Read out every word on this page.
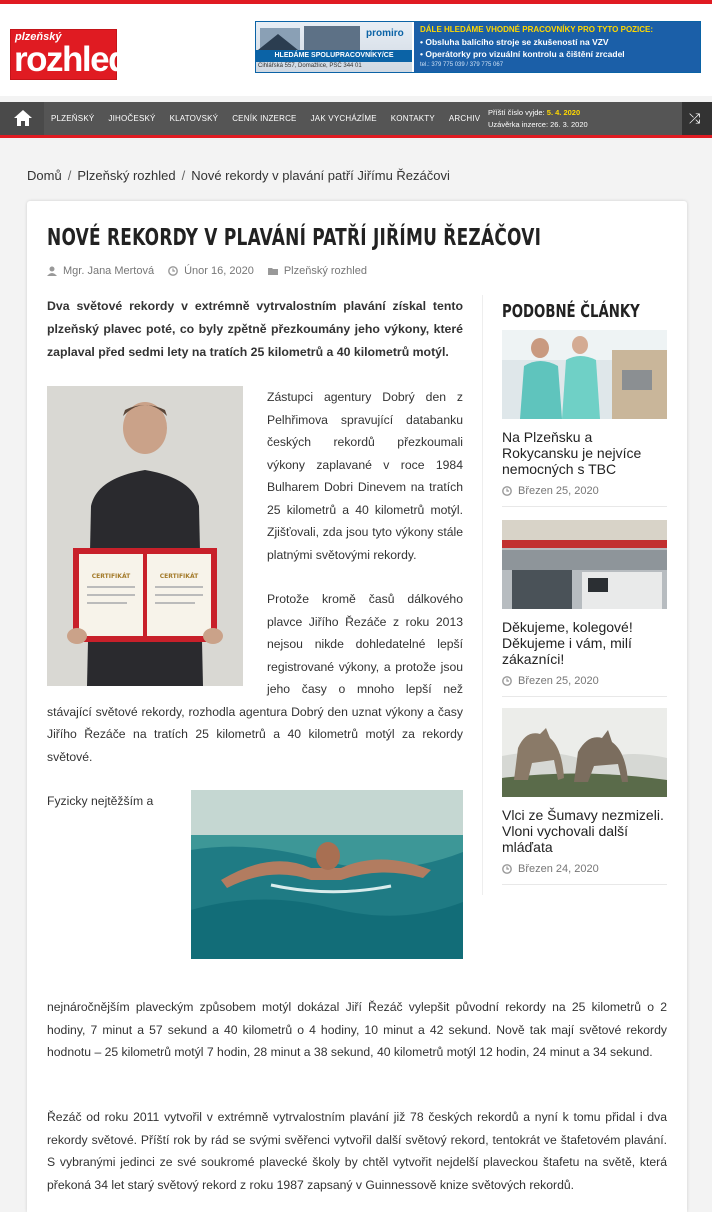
plzeňský
rozhled
promiro
HLEDÁME SPOLUPRACOVNÍKY/CE
Cihlářská 557, Domažlice, PSČ 344 01
DÁLE HLEDÁME VHODNÉ PRACOVNÍKY PRO TYTO POZICE:
• Obsluha balícího stroje se zkušeností na VZV
• Operátorky pro vizuální kontrolu a čištění zrcadel
tel.: 379 775 039 / 379 775 067
PLZEŇSKÝ	JIHOČESKÝ	KLATOVSKÝ	CENÍK INZERCE	JAK VYCHÁZÍME	KONTAKTY	ARCHIV
Příští číslo vyjde: 5. 4. 2020
Uzávěrka inzerce: 26. 3. 2020	⤮
Domů / Plzeňský rozhled / Nové rekordy v plavání patří Jiřímu Řezáčovi
NOVÉ REKORDY V PLAVÁNÍ PATŘÍ JIŘÍMU ŘEZÁČOVI
Mgr. Jana Mertová	Únor 16, 2020	Plzeňský rozhled

Dva světové rekordy v extrémně vytrvalostním plavání získal tento plzeňský plavec poté, co byly zpětně přezkoumány jeho výkony, které zaplaval před sedmi lety na tratích 25 kilometrů a 40 kilometrů motýl.

CERTIFIKÁT	CERTIFIKÁT

Zástupci agentury Dobrý den z Pelhřimova spravující databanku českých rekordů přezkoumali výkony zaplavané v roce 1984 Bulharem Dobri Dinevem na tratích 25 kilometrů a 40 kilometrů motýl. Zjišťovali, zda jsou tyto výkony stále platnými světovými rekordy.

Protože kromě časů dálkového plavce Jiřího Řezáče z roku 2013 nejsou nikde dohledatelné lepší registrované výkony, a protože jsou jeho časy o mnoho lepší než stávající světové rekordy, rozhodla agentura Dobrý den uznat výkony a časy Jiřího Řezáče na tratích 25 kilometrů a 40 kilometrů motýl za rekordy světové.

Fyzicky nejtěžším a

nejnáročnějším plaveckým způsobem motýl dokázal Jiří Řezáč vylepšit původní rekordy na 25 kilometrů o 2 hodiny, 7 minut a 57 sekund a 40 kilometrů o 4 hodiny, 10 minut a 42 sekund. Nově tak mají světové rekordy hodnotu – 25 kilometrů motýl 7 hodin, 28 minut a 38 sekund, 40 kilometrů motýl 12 hodin, 24 minut a 34 sekund.

Řezáč od roku 2011 vytvořil v extrémně vytrvalostním plavání již 78 českých rekordů a nyní k tomu přidal i dva rekordy světové. Příští rok by rád se svými svěřenci vytvořil další světový rekord, tentokrát ve štafetovém plavání. S vybranými jedinci ze své soukromé plavecké školy by chtěl vytvořit nejdelší plaveckou štafetu na světě, která překoná 34 let starý světový rekord z roku 1987 zapsaný v Guinnessově knize světových rekordů.

PODOBNÉ ČLÁNKY
Na Plzeňsku a Rokycansku je nejvíce nemocných s TBC
Březen 25, 2020
Děkujeme, kolegové! Děkujeme i vám, milí zákazníci!
Březen 25, 2020
Vlci ze Šumavy nezmizeli. Vloni vychovali další mláďata
Březen 24, 2020
